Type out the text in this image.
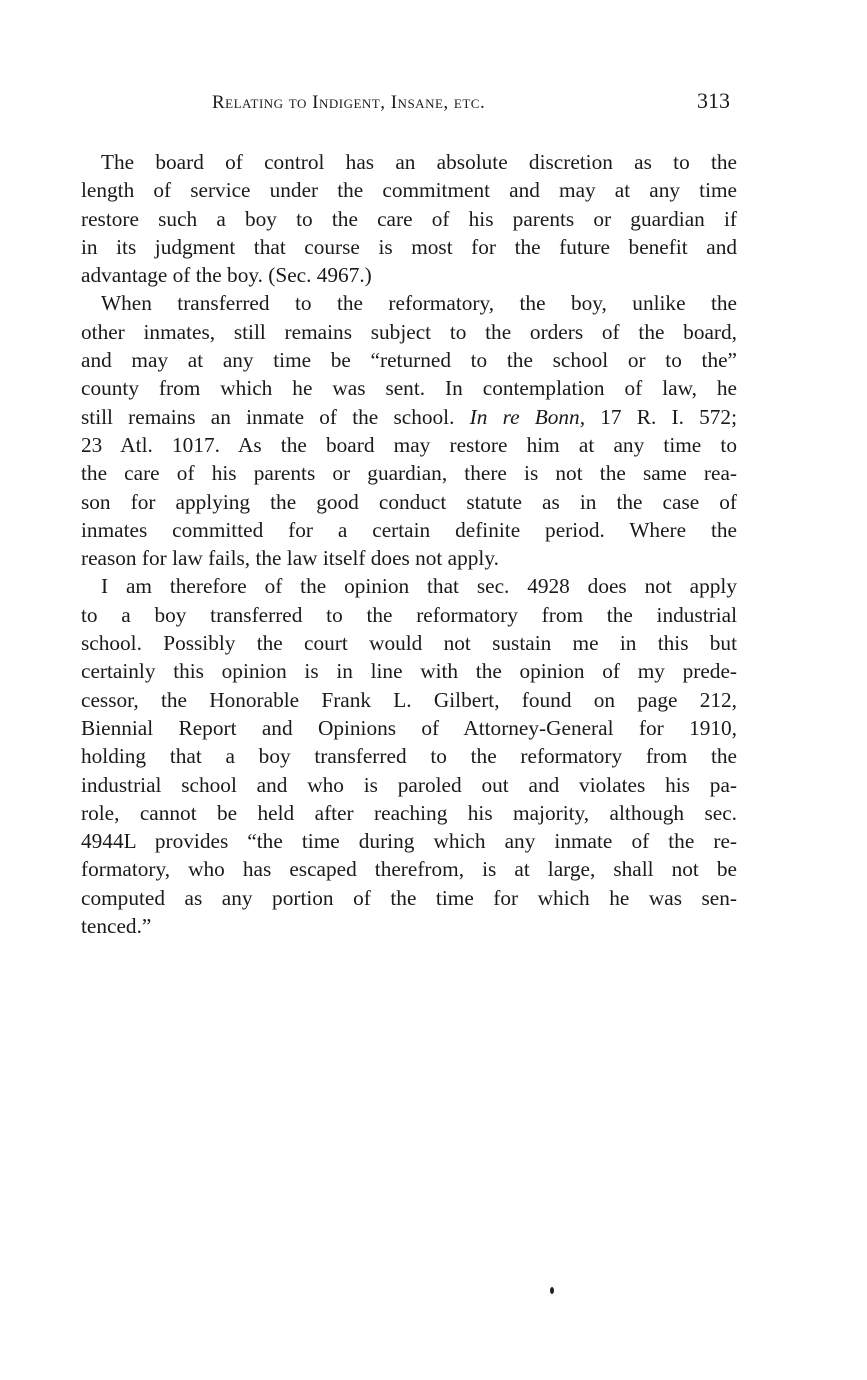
Relating to Indigent, Insane, etc.	313
The board of control has an absolute discretion as to the
length of service under the commitment and may at any time
restore such a boy to the care of his parents or guardian if
in its judgment that course is most for the future benefit and
advantage of the boy. (Sec. 4967.)
When transferred to the reformatory, the boy, unlike the
other inmates, still remains subject to the orders of the board,
and may at any time be “returned to the school or to the”
county from which he was sent. In contemplation of law, he
still remains an inmate of the school. In re Bonn, 17 R. I. 572;
23 Atl. 1017. As the board may restore him at any time to
the care of his parents or guardian, there is not the same rea-
son for applying the good conduct statute as in the case of
inmates committed for a certain definite period. Where the
reason for law fails, the law itself does not apply.
I am therefore of the opinion that sec. 4928 does not apply
to a boy transferred to the reformatory from the industrial
school. Possibly the court would not sustain me in this but
certainly this opinion is in line with the opinion of my prede-
cessor, the Honorable Frank L. Gilbert, found on page 212,
Biennial Report and Opinions of Attorney-General for 1910,
holding that a boy transferred to the reformatory from the
industrial school and who is paroled out and violates his pa-
role, cannot be held after reaching his majority, although sec.
4944L provides “the time during which any inmate of the re-
formatory, who has escaped therefrom, is at large, shall not be
computed as any portion of the time for which he was sen-
tenced.”
